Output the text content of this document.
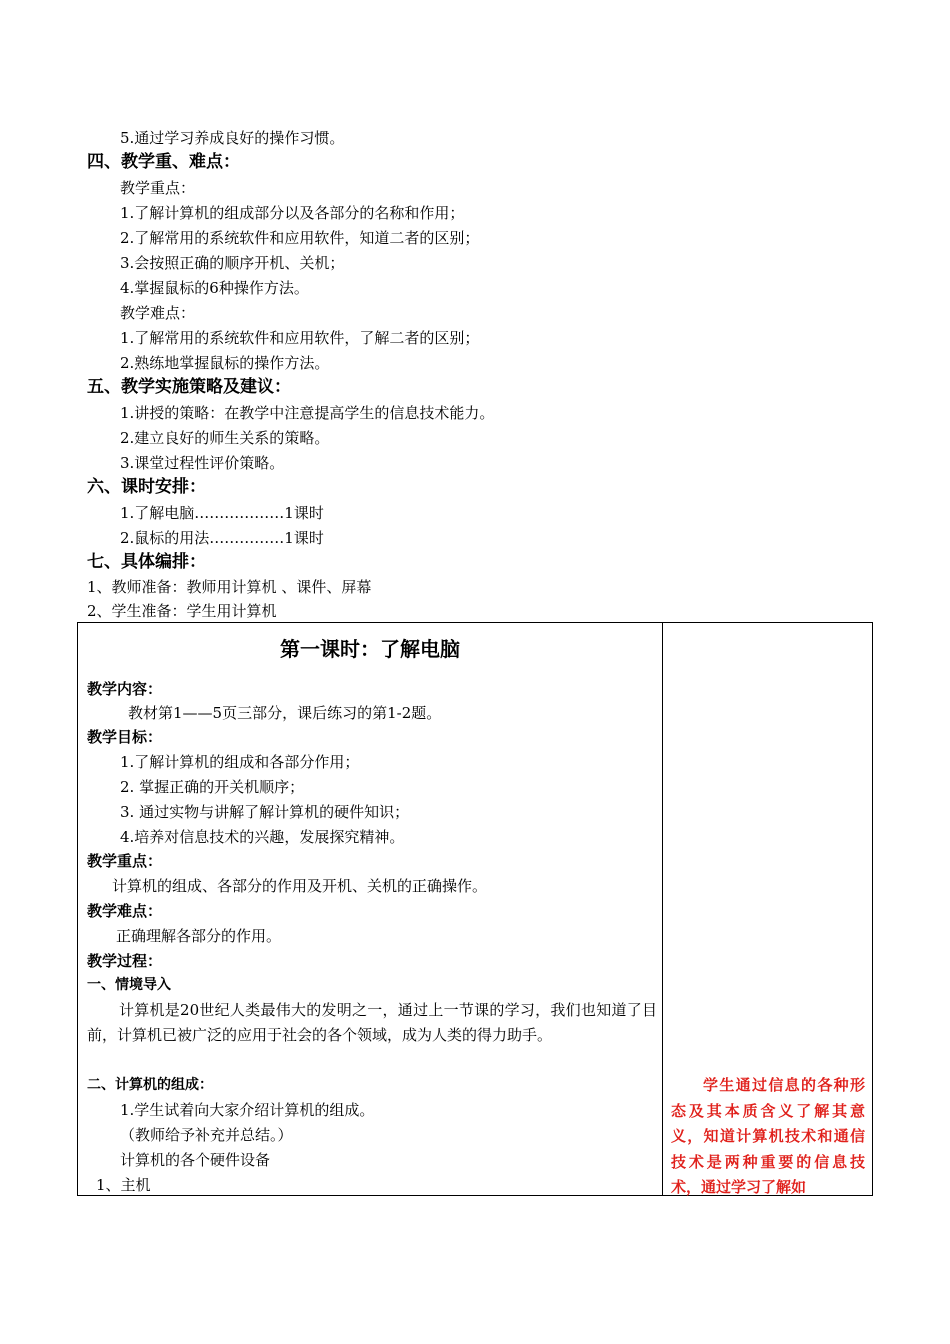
5.通过学习养成良好的操作习惯。
四、教学重、难点：
教学重点：
1.了解计算机的组成部分以及各部分的名称和作用；
2.了解常用的系统软件和应用软件，知道二者的区别；
3.会按照正确的顺序开机、关机；
4.掌握鼠标的6种操作方法。
教学难点：
1.了解常用的系统软件和应用软件，了解二者的区别；
2.熟练地掌握鼠标的操作方法。
五、教学实施策略及建议：
1.讲授的策略：在教学中注意提高学生的信息技术能力。
2.建立良好的师生关系的策略。
3.课堂过程性评价策略。
六、课时安排：
1.了解电脑………………1课时
2.鼠标的用法……………1课时
七、具体编排：
1、教师准备：教师用计算机 、课件、屏幕
2、学生准备：学生用计算机
第一课时：了解电脑
教学内容：
教材第1——5页三部分，课后练习的第1-2题。
教学目标：
1.了解计算机的组成和各部分作用；
2. 掌握正确的开关机顺序；
3. 通过实物与讲解了解计算机的硬件知识；
4.培养对信息技术的兴趣，发展探究精神。
教学重点：
计算机的组成、各部分的作用及开机、关机的正确操作。
教学难点：
正确理解各部分的作用。
教学过程：
一、情境导入
计算机是20世纪人类最伟大的发明之一，通过上一节课的学习，我们也知道了目前，计算机已被广泛的应用于社会的各个领域，成为人类的得力助手。
二、计算机的组成：
1.学生试着向大家介绍计算机的组成。
（教师给予补充并总结。）
计算机的各个硬件设备
1、主机
学生通过信息的各种形态及其本质含义了解其意义，知道计算机技术和通信技术是两种重要的信息技术，通过学习了解如
